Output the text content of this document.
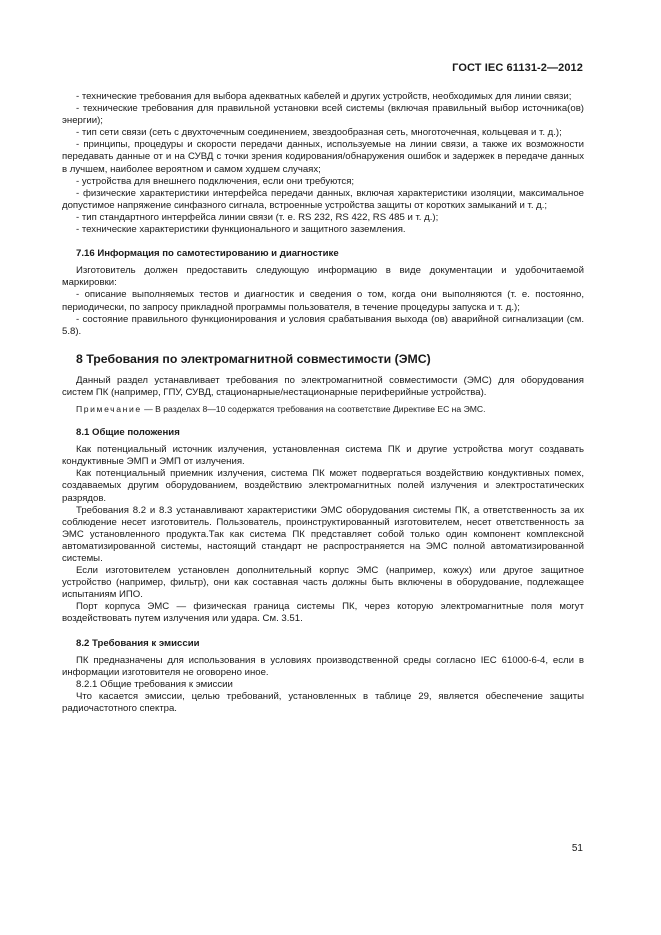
ГОСТ IEC 61131-2—2012

- технические требования для выбора адекватных кабелей и других устройств, необходимых для линии связи;

- технические требования для правильной установки всей системы (включая правильный выбор источника(ов) энергии);

- тип сети связи (сеть с двухточечным соединением, звездообразная сеть, многоточечная, кольцевая и т. д.);

- принципы, процедуры и скорости передачи данных, используемые на линии связи, а также их возможности передавать данные от и на СУВД с точки зрения кодирования/обнаружения ошибок и задержек в передаче данных в лучшем, наиболее вероятном и самом худшем случаях;

- устройства для внешнего подключения, если они требуются;

- физические характеристики интерфейса передачи данных, включая характеристики изоляции, максимальное допустимое напряжение синфазного сигнала, встроенные устройства защиты от коротких замыканий и т. д.;

- тип стандартного интерфейса линии связи (т. е. RS 232, RS 422, RS 485 и т. д.);

- технические характеристики функционального и защитного заземления.

7.16 Информация по самотестированию и диагностике

Изготовитель должен предоставить следующую информацию в виде документации и удобочитаемой маркировки:

- описание выполняемых тестов и диагностик и сведения о том, когда они выполняются (т. е. постоянно, периодически, по запросу прикладной программы пользователя, в течение процедуры запуска и т. д.);

- состояние правильного функционирования и условия срабатывания выхода (ов) аварийной сигнализации (см. 5.8).

8 Требования по электромагнитной совместимости (ЭМС)

Данный раздел устанавливает требования по электромагнитной совместимости (ЭМС) для оборудования систем ПК (например, ГПУ, СУВД, стационарные/нестационарные периферийные устройства).

Примечание — В разделах 8—10 содержатся требования на соответствие Директиве ЕС на ЭМС.

8.1 Общие положения

Как потенциальный источник излучения, установленная система ПК и другие устройства могут создавать кондуктивные ЭМП и ЭМП от излучения.

Как потенциальный приемник излучения, система ПК может подвергаться воздействию кондуктивных помех, создаваемых другим оборудованием, воздействию электромагнитных полей излучения и электростатических разрядов.

Требования 8.2 и 8.3 устанавливают характеристики ЭМС оборудования системы ПК, а ответственность за их соблюдение несет изготовитель. Пользователь, проинструктированный изготовителем, несет ответственность за ЭМС установленного продукта.Так как система ПК представляет собой только один компонент комплексной автоматизированной системы, настоящий стандарт не распространяется на ЭМС полной автоматизированной системы.

Если изготовителем установлен дополнительный корпус ЭМС (например, кожух) или другое защитное устройство (например, фильтр), они как составная часть должны быть включены в оборудование, подлежащее испытаниям ИПО.

Порт корпуса ЭМС — физическая граница системы ПК, через которую электромагнитные поля могут воздействовать путем излучения или удара. См. 3.51.

8.2 Требования к эмиссии

ПК предназначены для использования в условиях производственной среды согласно IEC 61000-6-4, если в информации изготовителя не оговорено иное.

8.2.1 Общие требования к эмиссии

Что касается эмиссии, целью требований, установленных в таблице 29, является обеспечение защиты радиочастотного спектра.

51
